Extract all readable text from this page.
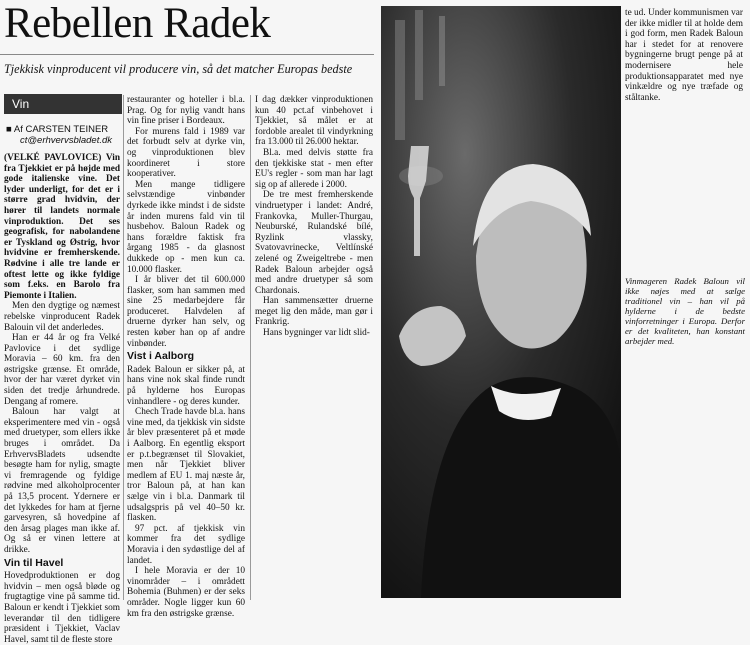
Rebellen Radek
Tjekkisk vinproducent vil producere vin, så det matcher Europas bedste
Vin
■ Af CARSTEN TEINER
ct@erhvervsbladet.dk

(VELKÉ PAVLOVICE) Vin fra Tjekkiet er på højde med gode italienske vine. Det lyder underligt, for det er i større grad hvidvin, der hører til landets normale vinproduktion. Det ses geografisk, for nabolandene er Tyskland og Østrig, hvor hvidvine er fremherskende. Rødvine i alle tre lande er oftest lette og ikke fyldige som f.eks. en Barolo fra Piemonte i Italien.

Men den dygtige og næmest rebelske vinproducent Radek Balouin vil det anderledes.

Han er 44 år og fra Velké Pavlovice i det sydlige Moravia – 60 km. fra den østrigske grænse. Et område, hvor der har været dyrket vin siden det tredje århundrede. Dengang af romere.

Baloun har valgt at eksperimentere med vin - også med druetyper, som ellers ikke bruges i området. Da ErhvervsBladets udsendte besøgte ham for nylig, smagte vi fremragende og fyldige rødvine med alkoholprocenter på 13,5 procent. Ydernere er det lykkedes for ham at fjerne garvesyren, så hovedpine af den årsag plages man ikke af. Og så er vinen lettere at drikke.

Vin til Havel

Hovedproduktionen er dog hvidvin – men også bløde og frugtagtige vine på samme tid. Baloun er kendt i Tjekkiet som leverandør til den tidligere præsident i Tjekkiet, Vaclav Havel, samt til de fleste store

restauranter og hoteller i bl.a. Prag. Og for nylig vandt hans vin fine priser i Bordeaux.

For murens fald i 1989 var det forbudt selv at dyrke vin, og vinproduktionen blev koordineret i store kooperativer.

Men mange tidligere selvstændige vinbønder dyrkede ikke mindst i de sidste år inden murens fald vin til husbehov. Baloun Radek og hans forældre faktisk fra årgang 1985 - da glasnost dukkede op - men kun ca. 10.000 flasker.

I år bliver det til 600.000 flasker, som han sammen med sine 25 medarbejdere får produceret. Halvdelen af druerne dyrker han selv, og resten køber han op af andre vinbønder.

Vist i Aalborg

Radek Baloun er sikker på, at hans vine nok skal finde rundt på hylderne hos Europas vinhandlere - og deres kunder.

Chech Trade havde bl.a. hans vine med, da tjekkisk vin sidste år blev præsenteret på et møde i Aalborg. En egentlig eksport er p.t.begrænset til Slovakiet, men når Tjekkiet bliver medlem af EU 1. maj næste år, tror Baloun på, at han kan sælge vin i bl.a. Danmark til udsalgspris på vel 40–50 kr. flasken.

97 pct. af tjekkisk vin kommer fra det sydlige Moravia i den sydøstlige del af landet.

I hele Moravia er der 10 vinområder – i områdett Bohemia (Buhmen) er der seks områder. Nogle ligger kun 60 km fra den østrigske grænse.

I dag dækker vinproduktionen kun 40 pct.af vinbehovet i Tjekkiet, så målet er at fordoble arealet til vindyrkning fra 13.000 til 26.000 hektar.

Bl.a. med delvis støtte fra den tjekkiske stat - men efter EU's regler - som man har lagt sig op af allerede i 2000.

De tre mest fremherskende vindruetyper i landet: André, Frankovka, Muller-Thurgau, Neuburské, Rulandské bílé, Ryzlink vlassky, Svatovavrinecke, Veltlínské zelené og Zweigeltrebe - men Radek Baloun arbejder også med andre druetyper så som Chardonais.

Han sammensætter druerne meget lig den måde, man gør i Frankrig.

Hans bygninger var lidt slid-

te ud. Under kommunismen var der ikke midler til at holde dem i god form, men Radek Baloun har i stedet for at renovere bygningerne brugt penge på at modernisere hele produktionsapparatet med nye vinkældre og nye træfade og ståltanke.

Vinmageren Radek Baloun vil ikke nøjes med at sælge traditionel vin – han vil på hylderne i de bedste vinforretninger i Europa. Derfor er det kvaliteten, han konstant arbejder med.
